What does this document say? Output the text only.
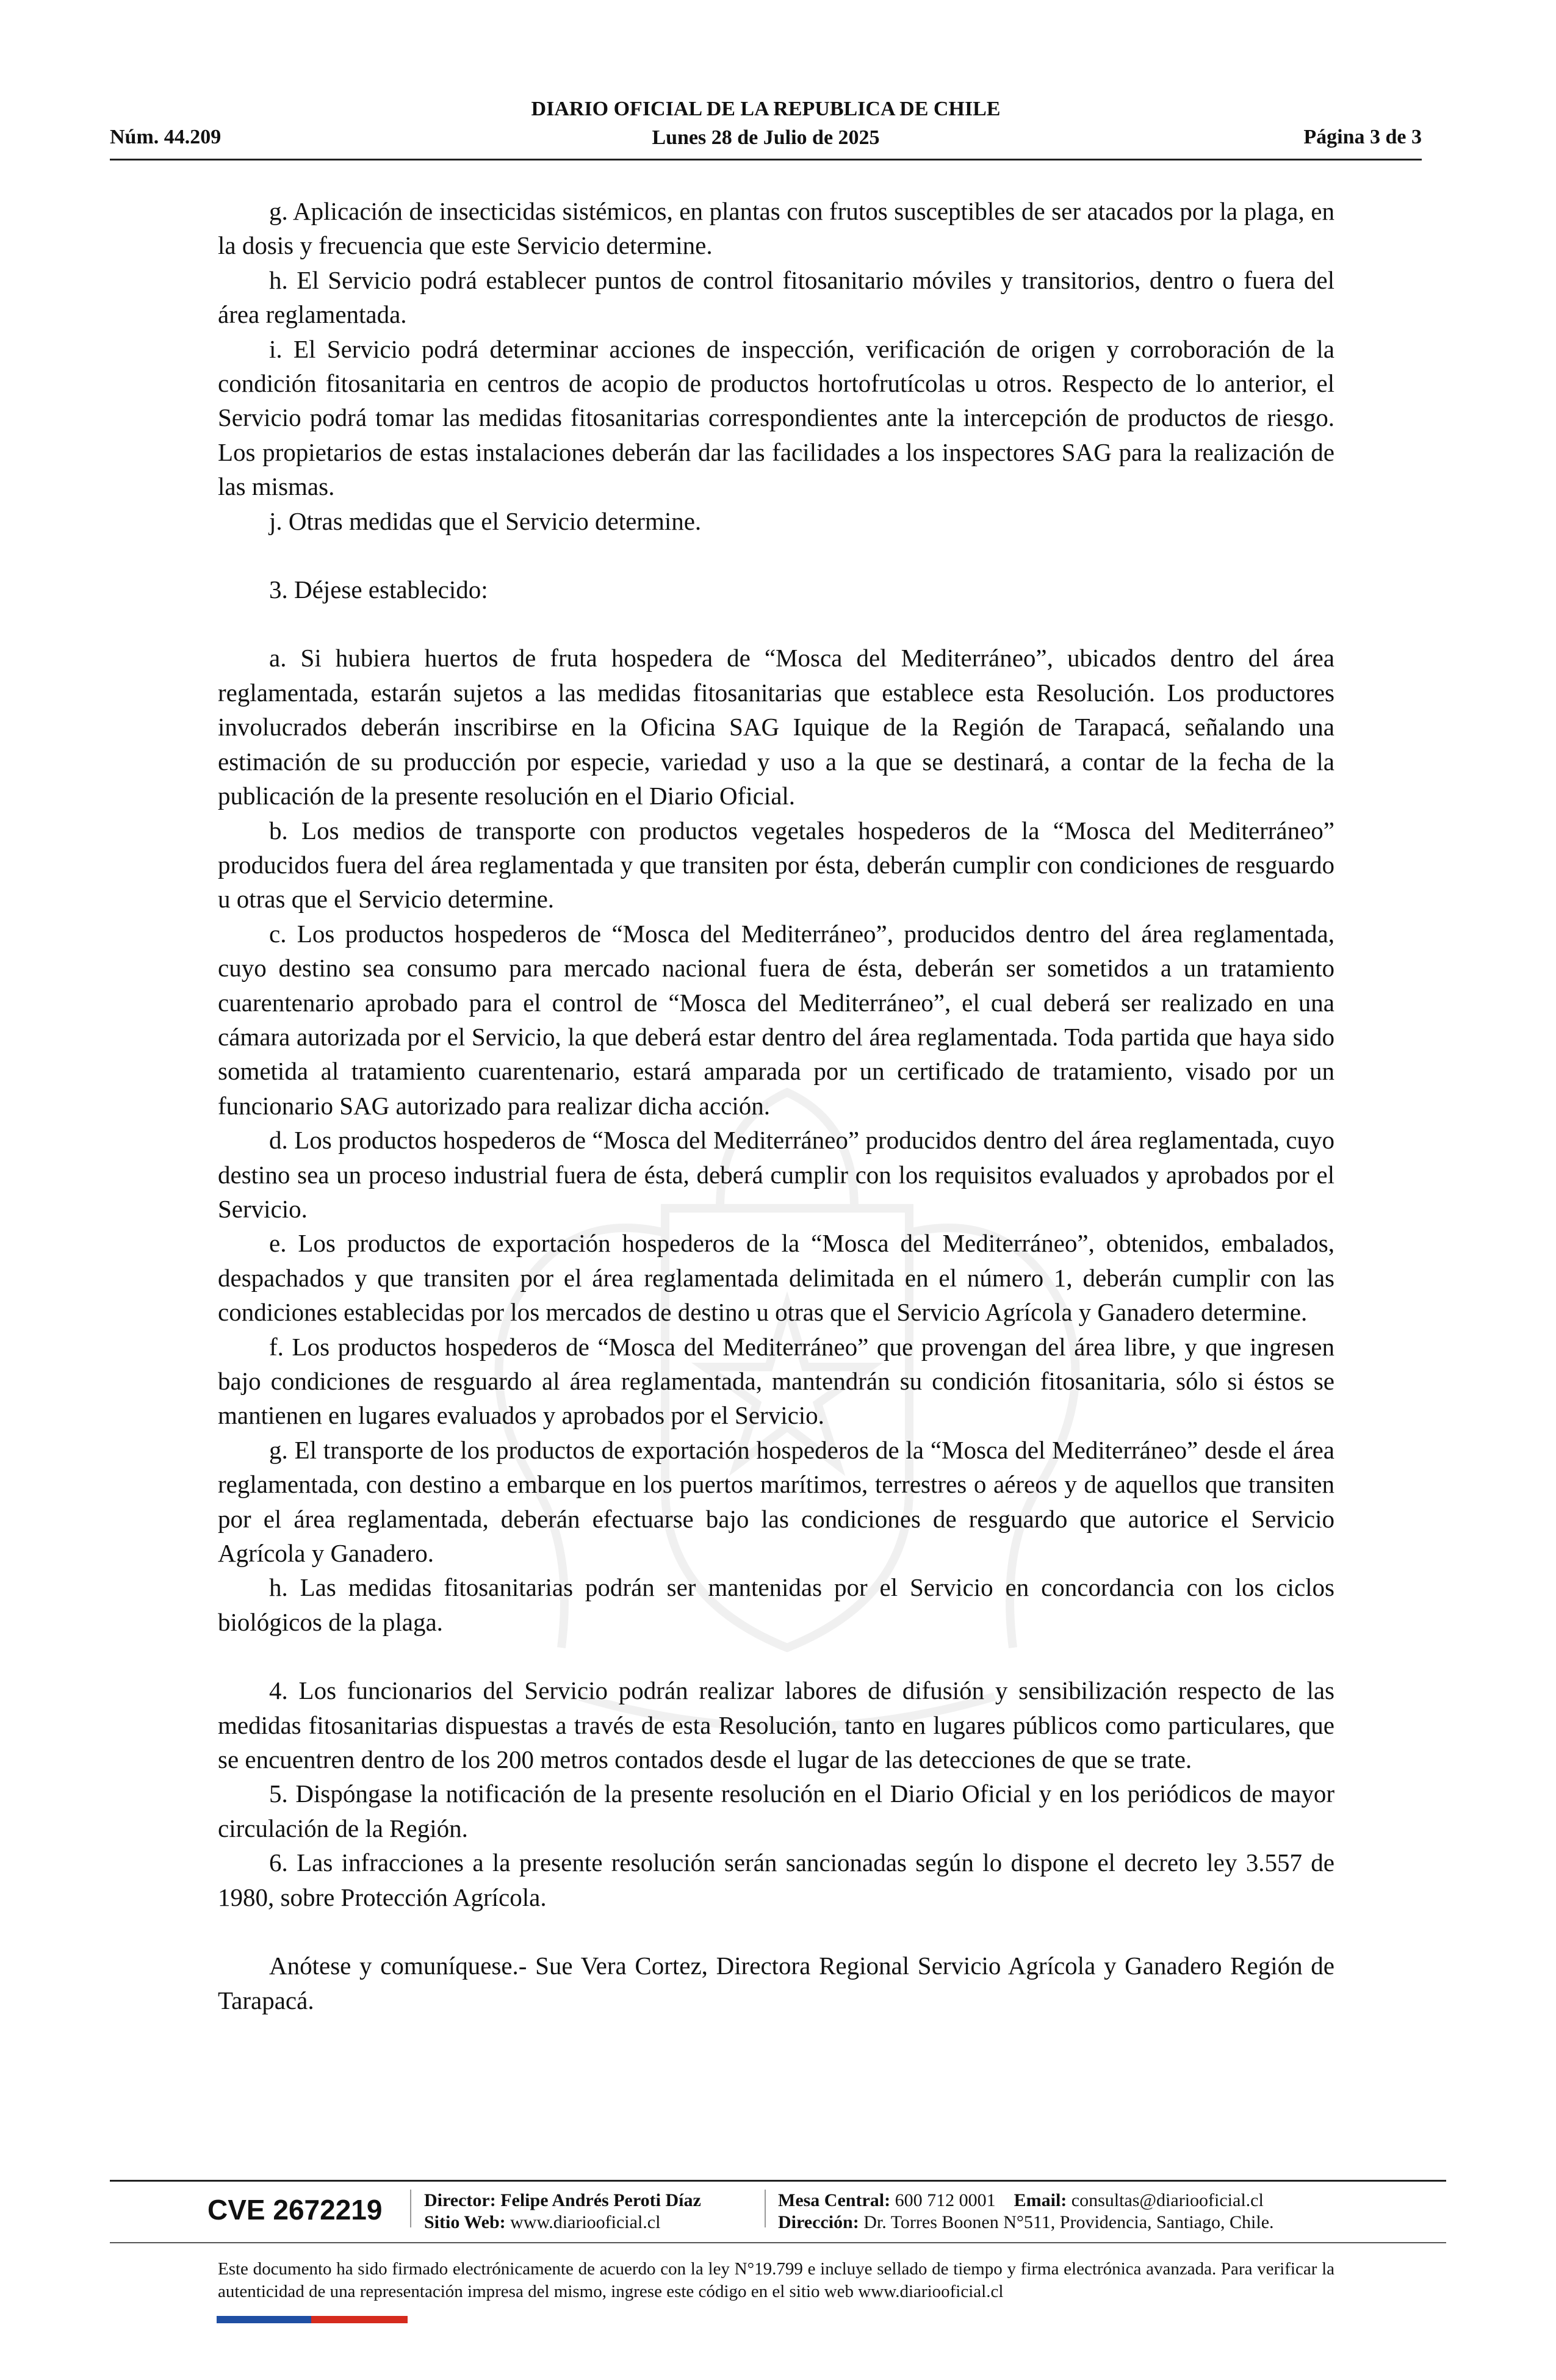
DIARIO OFICIAL DE LA REPUBLICA DE CHILE
Lunes 28 de Julio de 2025
Núm. 44.209	Página 3 de 3

g. Aplicación de insecticidas sistémicos, en plantas con frutos susceptibles de ser atacados por la plaga, en la dosis y frecuencia que este Servicio determine.

h. El Servicio podrá establecer puntos de control fitosanitario móviles y transitorios, dentro o fuera del área reglamentada.

i. El Servicio podrá determinar acciones de inspección, verificación de origen y corroboración de la condición fitosanitaria en centros de acopio de productos hortofrutícolas u otros. Respecto de lo anterior, el Servicio podrá tomar las medidas fitosanitarias correspondientes ante la intercepción de productos de riesgo. Los propietarios de estas instalaciones deberán dar las facilidades a los inspectores SAG para la realización de las mismas.

j. Otras medidas que el Servicio determine.

3. Déjese establecido:

a. Si hubiera huertos de fruta hospedera de “Mosca del Mediterráneo”, ubicados dentro del área reglamentada, estarán sujetos a las medidas fitosanitarias que establece esta Resolución. Los productores involucrados deberán inscribirse en la Oficina SAG Iquique de la Región de Tarapacá, señalando una estimación de su producción por especie, variedad y uso a la que se destinará, a contar de la fecha de la publicación de la presente resolución en el Diario Oficial.

b. Los medios de transporte con productos vegetales hospederos de la “Mosca del Mediterráneo” producidos fuera del área reglamentada y que transiten por ésta, deberán cumplir con condiciones de resguardo u otras que el Servicio determine.

c. Los productos hospederos de “Mosca del Mediterráneo”, producidos dentro del área reglamentada, cuyo destino sea consumo para mercado nacional fuera de ésta, deberán ser sometidos a un tratamiento cuarentenario aprobado para el control de “Mosca del Mediterráneo”, el cual deberá ser realizado en una cámara autorizada por el Servicio, la que deberá estar dentro del área reglamentada. Toda partida que haya sido sometida al tratamiento cuarentenario, estará amparada por un certificado de tratamiento, visado por un funcionario SAG autorizado para realizar dicha acción.

d. Los productos hospederos de “Mosca del Mediterráneo” producidos dentro del área reglamentada, cuyo destino sea un proceso industrial fuera de ésta, deberá cumplir con los requisitos evaluados y aprobados por el Servicio.

e. Los productos de exportación hospederos de la “Mosca del Mediterráneo”, obtenidos, embalados, despachados y que transiten por el área reglamentada delimitada en el número 1, deberán cumplir con las condiciones establecidas por los mercados de destino u otras que el Servicio Agrícola y Ganadero determine.

f. Los productos hospederos de “Mosca del Mediterráneo” que provengan del área libre, y que ingresen bajo condiciones de resguardo al área reglamentada, mantendrán su condición fitosanitaria, sólo si éstos se mantienen en lugares evaluados y aprobados por el Servicio.

g. El transporte de los productos de exportación hospederos de la “Mosca del Mediterráneo” desde el área reglamentada, con destino a embarque en los puertos marítimos, terrestres o aéreos y de aquellos que transiten por el área reglamentada, deberán efectuarse bajo las condiciones de resguardo que autorice el Servicio Agrícola y Ganadero.

h. Las medidas fitosanitarias podrán ser mantenidas por el Servicio en concordancia con los ciclos biológicos de la plaga.

4. Los funcionarios del Servicio podrán realizar labores de difusión y sensibilización respecto de las medidas fitosanitarias dispuestas a través de esta Resolución, tanto en lugares públicos como particulares, que se encuentren dentro de los 200 metros contados desde el lugar de las detecciones de que se trate.

5. Dispóngase la notificación de la presente resolución en el Diario Oficial y en los periódicos de mayor circulación de la Región.

6. Las infracciones a la presente resolución serán sancionadas según lo dispone el decreto ley 3.557 de 1980, sobre Protección Agrícola.

Anótese y comuníquese.- Sue Vera Cortez, Directora Regional Servicio Agrícola y Ganadero Región de Tarapacá.

CVE 2672219 Director: Felipe Andrés Peroti Díaz
Sitio Web: www.diariooficial.cl
Mesa Central: 600 712 0001 Email: consultas@diariooficial.cl
Dirección: Dr. Torres Boonen N°511, Providencia, Santiago, Chile.
Este documento ha sido firmado electrónicamente de acuerdo con la ley N°19.799 e incluye sellado de tiempo y firma electrónica avanzada. Para verificar la autenticidad de una representación impresa del mismo, ingrese este código en el sitio web www.diariooficial.cl
